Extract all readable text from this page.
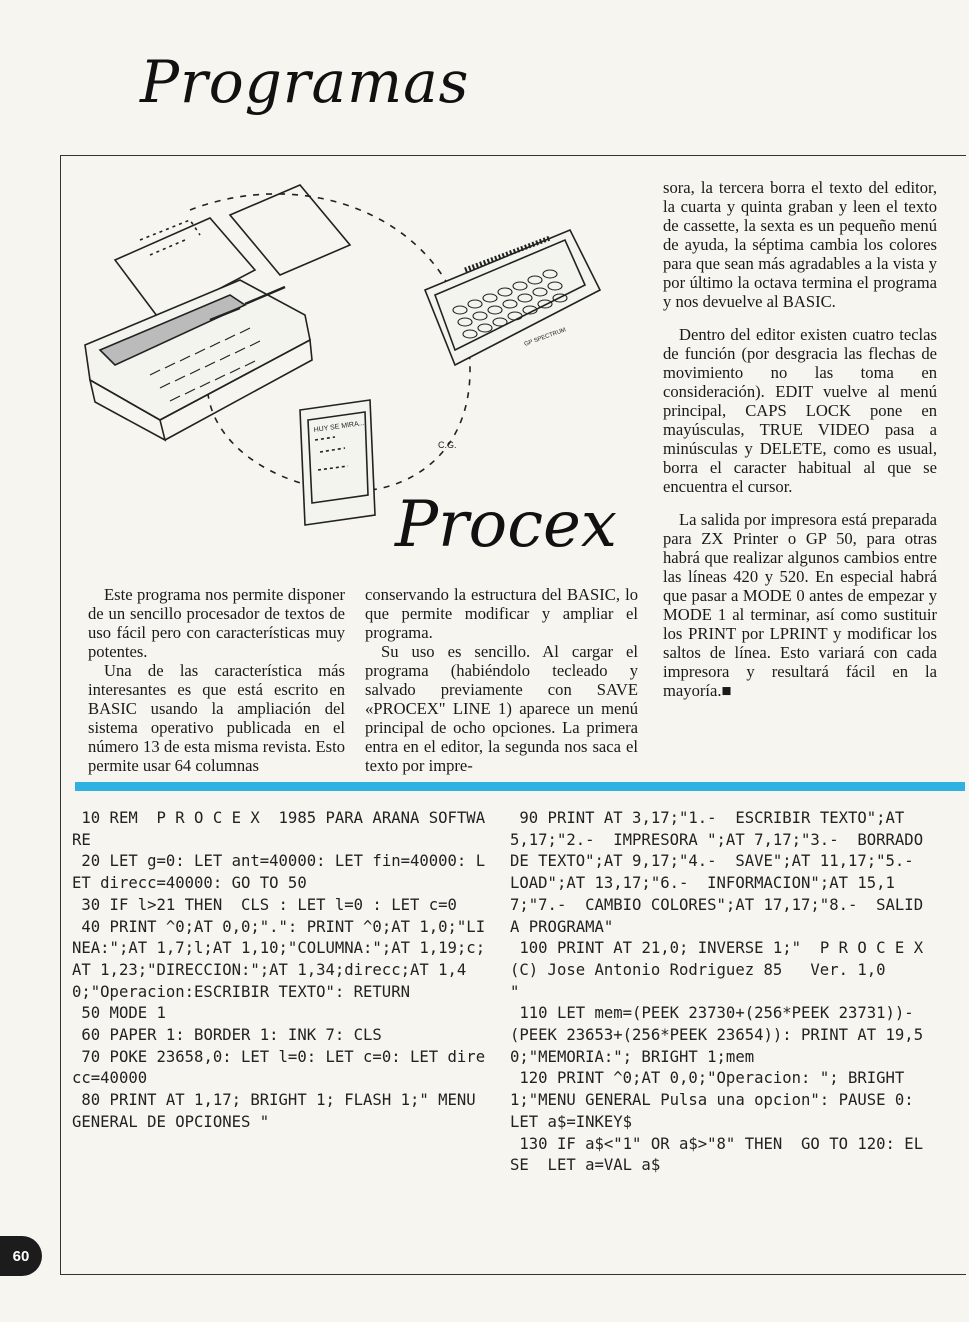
Programas
HUY SE MIRA...
GP SPECTRUM
C.G.
Procex

Este programa nos permite disponer de un sencillo procesador de textos de uso fácil pero con características muy potentes.

Una de las característica más interesantes es que está escrito en BASIC usando la ampliación del sistema operativo publicada en el número 13 de esta misma revista. Esto permite usar 64 columnas

conservando la estructura del BASIC, lo que permite modificar y ampliar el programa.

Su uso es sencillo. Al cargar el programa (habiéndolo tecleado y salvado previamente con SAVE «PROCEX" LINE 1) aparece un menú principal de ocho opciones. La primera entra en el editor, la segunda nos saca el texto por impre-

sora, la tercera borra el texto del editor, la cuarta y quinta graban y leen el texto de cassette, la sexta es un pequeño menú de ayuda, la séptima cambia los colores para que sean más agradables a la vista y por último la octava termina el programa y nos devuelve al BASIC.

Dentro del editor existen cuatro teclas de función (por desgracia las flechas de movimiento no las toma en consideración). EDIT vuelve al menú principal, CAPS LOCK pone en mayúsculas, TRUE VIDEO pasa a minúsculas y DELETE, como es usual, borra el caracter habitual al que se encuentra el cursor.

La salida por impresora está preparada para ZX Printer o GP 50, para otras habrá que realizar algunos cambios entre las líneas 420 y 520. En especial habrá que pasar a MODE 0 antes de empezar y MODE 1 al terminar, así como sustituir los PRINT por LPRINT y modificar los saltos de línea. Esto variará con cada impresora y resultará fácil en la mayoría.■

10 REM  P R O C E X  1985 PARA ARANA SOFTWARE
20 LET g=0: LET ant=40000: LET fin=40000: LET direcc=40000: GO TO 50
30 IF l>21 THEN  CLS : LET l=0 : LET c=0
40 PRINT ^0;AT 0,0;".": PRINT ^0;AT 1,0;"LINEA:";AT 1,7;l;AT 1,10;"COLUMNA:";AT 1,19;c;AT 1,23;"DIRECCION:";AT 1,34;direcc;AT 1,40;"Operacion:ESCRIBIR TEXTO": RETURN
50 MODE 1
60 PAPER 1: BORDER 1: INK 7: CLS
70 POKE 23658,0: LET l=0: LET c=0: LET direcc=40000
80 PRINT AT 1,17; BRIGHT 1; FLASH 1;" MENU GENERAL DE OPCIONES "
90 PRINT AT 3,17;"1.-  ESCRIBIR TEXTO";AT 5,17;"2.-  IMPRESORA ";AT 7,17;"3.-  BORRADO DE TEXTO";AT 9,17;"4.-  SAVE";AT 11,17;"5.-  LOAD";AT 13,17;"6.-  INFORMACION";AT 15,17;"7.-  CAMBIO COLORES";AT 17,17;"8.-  SALIDA PROGRAMA"
100 PRINT AT 21,0; INVERSE 1;"  P R O C E X    (C) Jose Antonio Rodriguez 85   Ver. 1,0       "
110 LET mem=(PEEK 23730+(256*PEEK 23731))-(PEEK 23653+(256*PEEK 23654)): PRINT AT 19,50;"MEMORIA:"; BRIGHT 1;mem
120 PRINT ^0;AT 0,0;"Operacion: "; BRIGHT 1;"MENU GENERAL Pulsa una opcion": PAUSE 0: LET a$=INKEY$
130 IF a$<"1" OR a$>"8" THEN  GO TO 120: ELSE  LET a=VAL a$
60
